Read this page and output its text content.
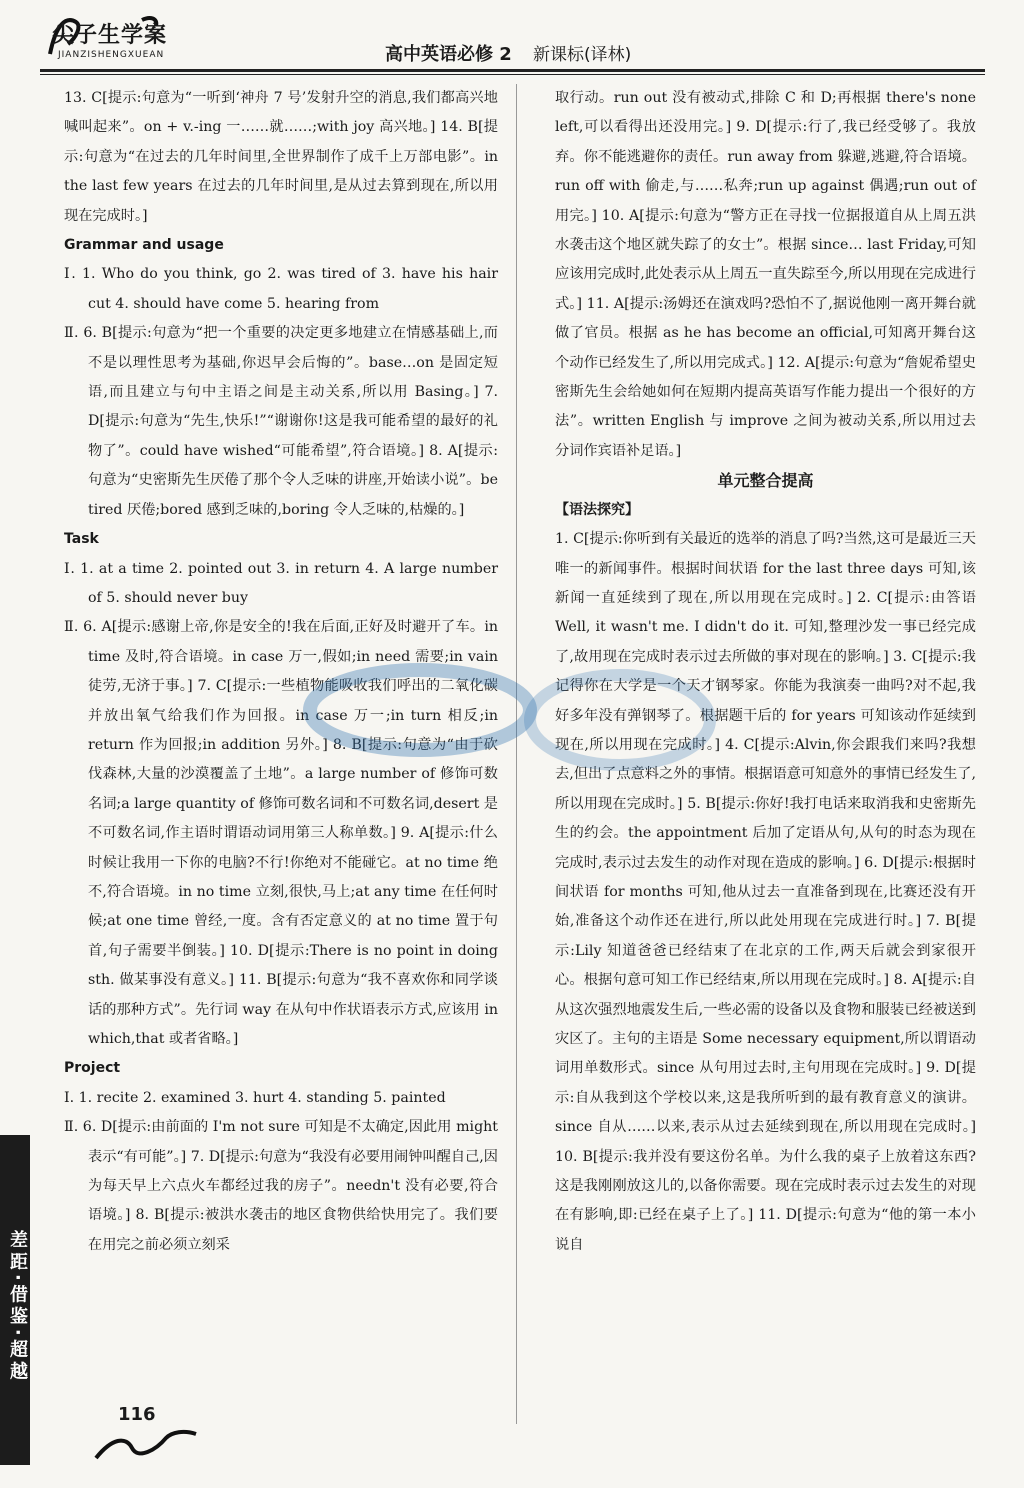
尖子生学案
JIANZISHENGXUEAN	高中英语必修 2 新课标(译林)

13. C[提示:句意为“一听到‘神舟 7 号’发射升空的消息,我们都高兴地喊叫起来”。on + v.-ing 一……就……;with joy 高兴地。] 14. B[提示:句意为“在过去的几年时间里,全世界制作了成千上万部电影”。in the last few years 在过去的几年时间里,是从过去算到现在,所以用现在完成时。]

Grammar and usage

Ⅰ. 1. Who do you think, go 2. was tired of 3. have his hair cut 4. should have come 5. hearing from

Ⅱ. 6. B[提示:句意为“把一个重要的决定更多地建立在情感基础上,而不是以理性思考为基础,你迟早会后悔的”。base…on 是固定短语,而且建立与句中主语之间是主动关系,所以用 Basing。] 7. D[提示:句意为“先生,快乐!”“谢谢你!这是我可能希望的最好的礼物了”。could have wished“可能希望”,符合语境。] 8. A[提示:句意为“史密斯先生厌倦了那个令人乏味的讲座,开始读小说”。be tired 厌倦;bored 感到乏味的,boring 令人乏味的,枯燥的。]

Task

Ⅰ. 1. at a time 2. pointed out 3. in return 4. A large number of 5. should never buy

Ⅱ. 6. A[提示:感谢上帝,你是安全的!我在后面,正好及时避开了车。in time 及时,符合语境。in case 万一,假如;in need 需要;in vain 徒劳,无济于事。] 7. C[提示:一些植物能吸收我们呼出的二氧化碳并放出氧气给我们作为回报。in case 万一;in turn 相反;in return 作为回报;in addition 另外。] 8. B[提示:句意为“由于砍伐森林,大量的沙漠覆盖了土地”。a large number of 修饰可数名词;a large quantity of 修饰可数名词和不可数名词,desert 是不可数名词,作主语时谓语动词用第三人称单数。] 9. A[提示:什么时候让我用一下你的电脑?不行!你绝对不能碰它。at no time 绝不,符合语境。in no time 立刻,很快,马上;at any time 在任何时候;at one time 曾经,一度。含有否定意义的 at no time 置于句首,句子需要半倒装。] 10. D[提示:There is no point in doing sth. 做某事没有意义。] 11. B[提示:句意为“我不喜欢你和同学谈话的那种方式”。先行词 way 在从句中作状语表示方式,应该用 in which,that 或者省略。]

Project

Ⅰ. 1. recite 2. examined 3. hurt 4. standing 5. painted

Ⅱ. 6. D[提示:由前面的 I'm not sure 可知是不太确定,因此用 might 表示“有可能”。] 7. D[提示:句意为“我没有必要用闹钟叫醒自己,因为每天早上六点火车都经过我的房子”。needn't 没有必要,符合语境。] 8. B[提示:被洪水袭击的地区食物供给快用完了。我们要在用完之前必须立刻采

取行动。run out 没有被动式,排除 C 和 D;再根据 there's none left,可以看得出还没用完。] 9. D[提示:行了,我已经受够了。我放弃。你不能逃避你的责任。run away from 躲避,逃避,符合语境。run off with 偷走,与……私奔;run up against 偶遇;run out of 用完。] 10. A[提示:句意为“警方正在寻找一位据报道自从上周五洪水袭击这个地区就失踪了的女士”。根据 since… last Friday,可知应该用完成时,此处表示从上周五一直失踪至今,所以用现在完成进行式。] 11. A[提示:汤姆还在演戏吗?恐怕不了,据说他刚一离开舞台就做了官员。根据 as he has become an official,可知离开舞台这个动作已经发生了,所以用完成式。] 12. A[提示:句意为“詹妮希望史密斯先生会给她如何在短期内提高英语写作能力提出一个很好的方法”。written English 与 improve 之间为被动关系,所以用过去分词作宾语补足语。]

单元整合提高

【语法探究】

1. C[提示:你听到有关最近的选举的消息了吗?当然,这可是最近三天唯一的新闻事件。根据时间状语 for the last three days 可知,该新闻一直延续到了现在,所以用现在完成时。] 2. C[提示:由答语 Well, it wasn't me. I didn't do it. 可知,整理沙发一事已经完成了,故用现在完成时表示过去所做的事对现在的影响。] 3. C[提示:我记得你在大学是一个天才钢琴家。你能为我演奏一曲吗?对不起,我好多年没有弹钢琴了。根据题干后的 for years 可知该动作延续到现在,所以用现在完成时。] 4. C[提示:Alvin,你会跟我们来吗?我想去,但出了点意料之外的事情。根据语意可知意外的事情已经发生了,所以用现在完成时。] 5. B[提示:你好!我打电话来取消我和史密斯先生的约会。the appointment 后加了定语从句,从句的时态为现在完成时,表示过去发生的动作对现在造成的影响。] 6. D[提示:根据时间状语 for months 可知,他从过去一直准备到现在,比赛还没有开始,准备这个动作还在进行,所以此处用现在完成进行时。] 7. B[提示:Lily 知道爸爸已经结束了在北京的工作,两天后就会到家很开心。根据句意可知工作已经结束,所以用现在完成时。] 8. A[提示:自从这次强烈地震发生后,一些必需的设备以及食物和服装已经被送到灾区了。主句的主语是 Some necessary equipment,所以谓语动词用单数形式。since 从句用过去时,主句用现在完成时。] 9. D[提示:自从我到这个学校以来,这是我所听到的最有教育意义的演讲。since 自从……以来,表示从过去延续到现在,所以用现在完成时。] 10. B[提示:我并没有要这份名单。为什么我的桌子上放着这东西?这是我刚刚放这儿的,以备你需要。现在完成时表示过去发生的对现在有影响,即:已经在桌子上了。] 11. D[提示:句意为“他的第一本小说自

差距·借鉴·超越
116
